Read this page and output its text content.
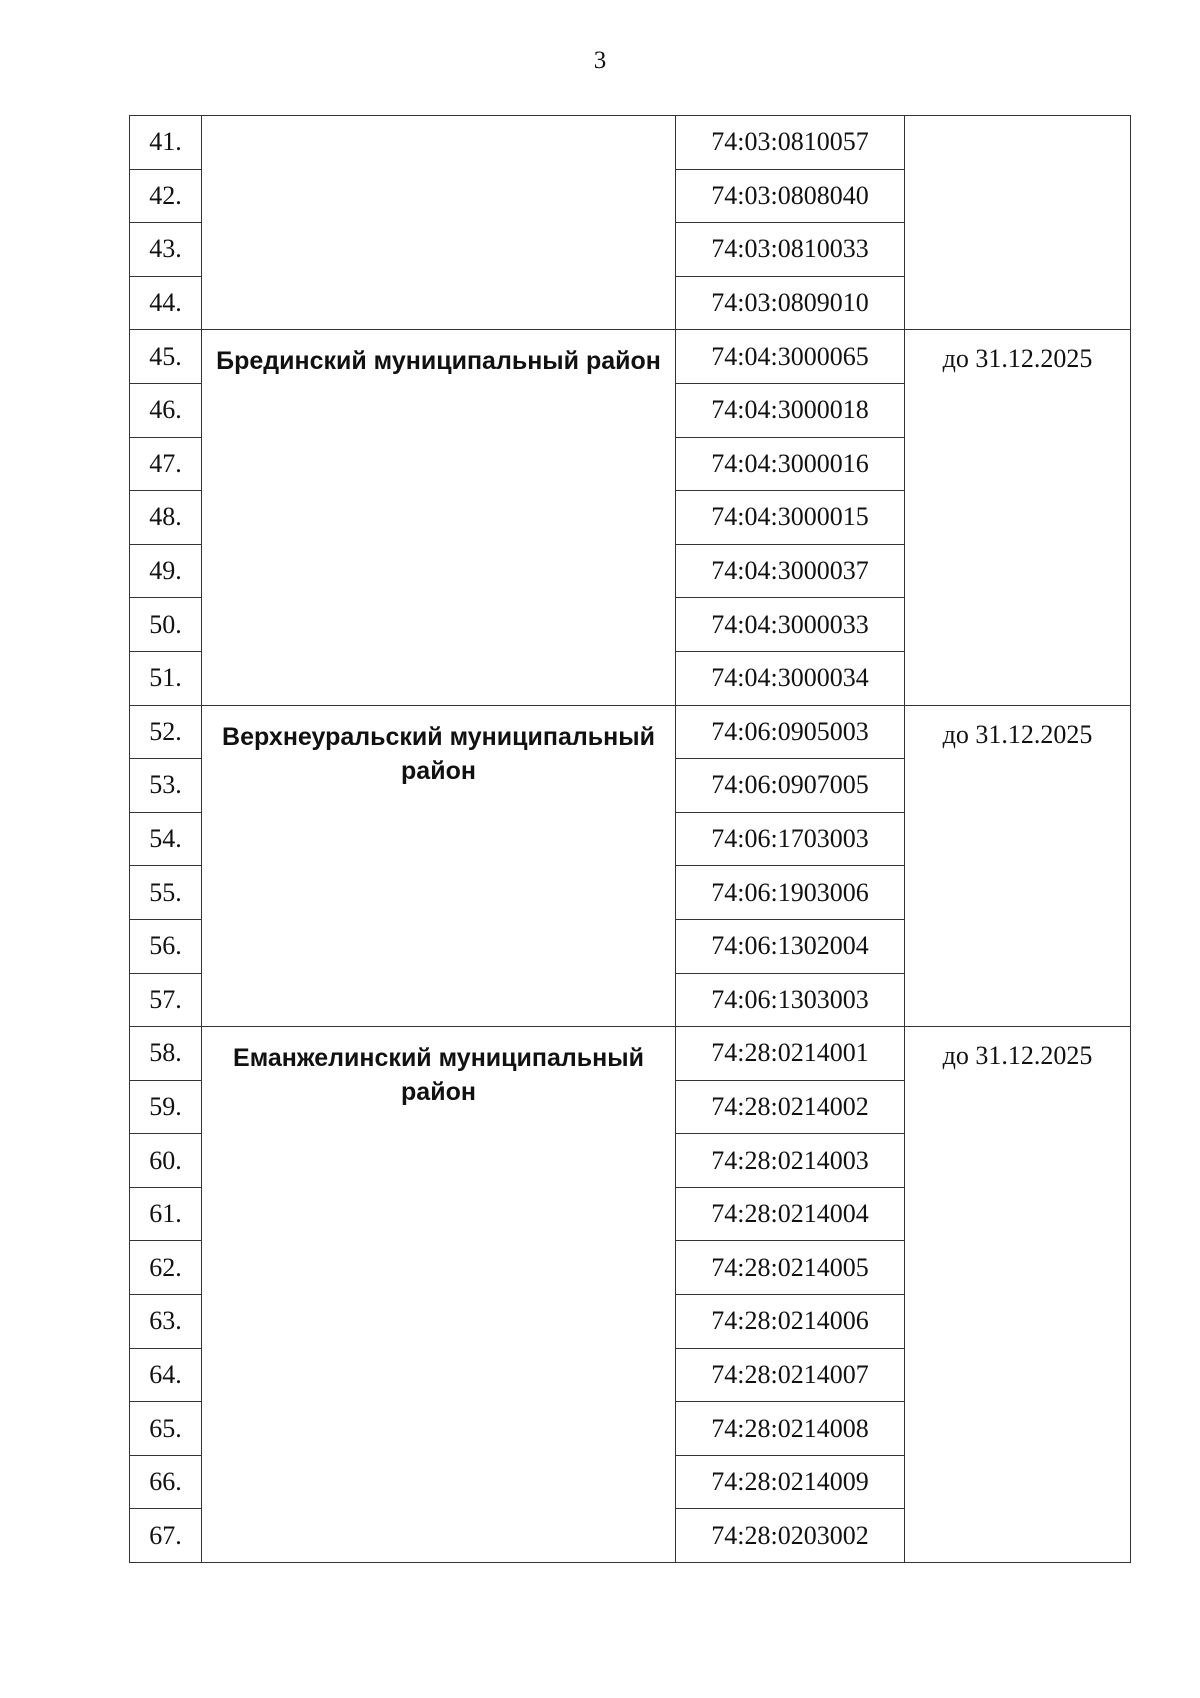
3
41.		74:03:0810057	
42.		74:03:0808040	
43.		74:03:0810033	
44.		74:03:0809010	
45.	Брединский муниципальный район	74:04:3000065	до 31.12.2025
46.		74:04:3000018	
47.		74:04:3000016	
48.		74:04:3000015	
49.		74:04:3000037	
50.		74:04:3000033	
51.		74:04:3000034	
52.	Верхнеуральский муниципальный район	74:06:0905003	до 31.12.2025
53.		74:06:0907005	
54.		74:06:1703003	
55.		74:06:1903006	
56.		74:06:1302004	
57.		74:06:1303003	
58.	Еманжелинский муниципальный район	74:28:0214001	до 31.12.2025
59.		74:28:0214002	
60.		74:28:0214003	
61.		74:28:0214004	
62.		74:28:0214005	
63.		74:28:0214006	
64.		74:28:0214007	
65.		74:28:0214008	
66.		74:28:0214009	
67.		74:28:0203002	
